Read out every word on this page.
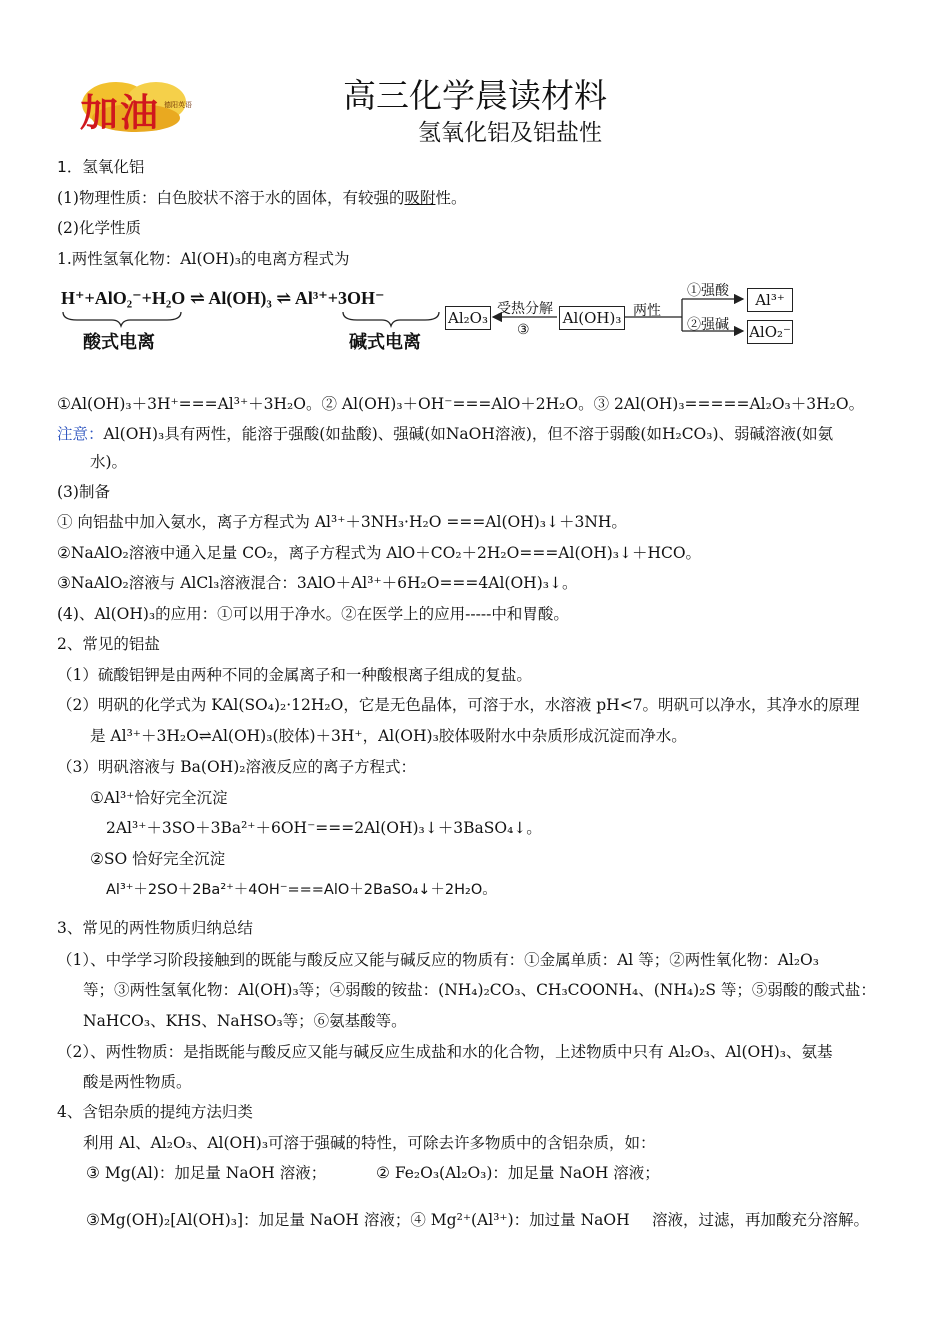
加油 德阳英语	高三化学晨读材料
氢氧化铝及铝盐性
1．氢氧化铝
(1)物理性质：白色胶状不溶于水的固体，有较强的吸附性。
(2)化学性质
1.两性氢氧化物：Al(OH)₃的电离方程式为
H⁺+AlO₂⁻+H₂O ⇌ Al(OH)₃ ⇌ Al³⁺+3OH⁻
酸式电离	碱式电离
Al₂O₃	Al(OH)₃
Al³⁺
AlO₂⁻
受热分解
③
两性
①强酸
②强碱
①Al(OH)₃＋3H⁺===Al³⁺＋3H₂O。② Al(OH)₃＋OH⁻===AlO＋2H₂O。③ 2Al(OH)₃=====Al₂O₃＋3H₂O。
注意：Al(OH)₃具有两性，能溶于强酸(如盐酸)、强碱(如NaOH溶液)，但不溶于弱酸(如H₂CO₃)、弱碱溶液(如氨
水)。
(3)制备
① 向铝盐中加入氨水，离子方程式为 Al³⁺＋3NH₃·H₂O ===Al(OH)₃↓＋3NH。
②NaAlO₂溶液中通入足量 CO₂，离子方程式为 AlO＋CO₂＋2H₂O===Al(OH)₃↓＋HCO。
③NaAlO₂溶液与 AlCl₃溶液混合：3AlO＋Al³⁺＋6H₂O===4Al(OH)₃↓。
(4)、Al(OH)₃的应用：①可以用于净水。②在医学上的应用-----中和胃酸。
2、常见的铝盐
（1）硫酸铝钾是由两种不同的金属离子和一种酸根离子组成的复盐。
（2）明矾的化学式为 KAl(SO₄)₂·12H₂O，它是无色晶体，可溶于水，水溶液 pH<7。明矾可以净水，其净水的原理
是 Al³⁺＋3H₂O⇌Al(OH)₃(胶体)＋3H⁺，Al(OH)₃胶体吸附水中杂质形成沉淀而净水。
（3）明矾溶液与 Ba(OH)₂溶液反应的离子方程式：
①Al³⁺恰好完全沉淀
2Al³⁺＋3SO＋3Ba²⁺＋6OH⁻===2Al(OH)₃↓＋3BaSO₄↓。
②SO 恰好完全沉淀
Al³⁺＋2SO＋2Ba²⁺＋4OH⁻===AlO＋2BaSO₄↓＋2H₂O。
3、常见的两性物质归纳总结
（1）、中学学习阶段接触到的既能与酸反应又能与碱反应的物质有：①金属单质：Al 等；②两性氧化物：Al₂O₃
等；③两性氢氧化物：Al(OH)₃等；④弱酸的铵盐：(NH₄)₂CO₃、CH₃COONH₄、(NH₄)₂S 等；⑤弱酸的酸式盐：
NaHCO₃、KHS、NaHSO₃等；⑥氨基酸等。
（2）、两性物质：是指既能与酸反应又能与碱反应生成盐和水的化合物，上述物质中只有 Al₂O₃、Al(OH)₃、氨基
酸是两性物质。
4、含铝杂质的提纯方法归类
利用 Al、Al₂O₃、Al(OH)₃可溶于强碱的特性，可除去许多物质中的含铝杂质，如：
③ Mg(Al)：加足量 NaOH 溶液；	② Fe₂O₃(Al₂O₃)：加足量 NaOH 溶液；
③Mg(OH)₂[Al(OH)₃]：加足量 NaOH 溶液；④ Mg²⁺(Al³⁺)：加过量 NaOH 溶液，过滤，再加酸充分溶解。
